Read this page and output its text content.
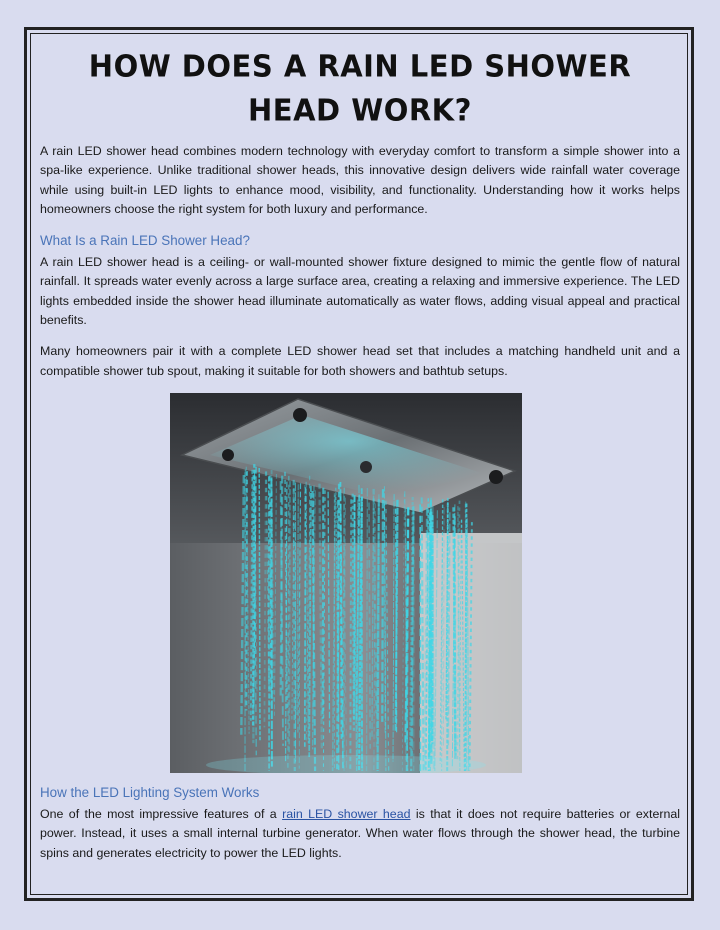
HOW DOES A RAIN LED SHOWER HEAD WORK?

A rain LED shower head combines modern technology with everyday comfort to transform a simple shower into a spa-like experience. Unlike traditional shower heads, this innovative design delivers wide rainfall water coverage while using built-in LED lights to enhance mood, visibility, and functionality. Understanding how it works helps homeowners choose the right system for both luxury and performance.

What Is a Rain LED Shower Head?

A rain LED shower head is a ceiling- or wall-mounted shower fixture designed to mimic the gentle flow of natural rainfall. It spreads water evenly across a large surface area, creating a relaxing and immersive experience. The LED lights embedded inside the shower head illuminate automatically as water flows, adding visual appeal and practical benefits.

Many homeowners pair it with a complete LED shower head set that includes a matching handheld unit and a compatible shower tub spout, making it suitable for both showers and bathtub setups.

How the LED Lighting System Works

One of the most impressive features of a rain LED shower head is that it does not require batteries or external power. Instead, it uses a small internal turbine generator. When water flows through the shower head, the turbine spins and generates electricity to power the LED lights.
